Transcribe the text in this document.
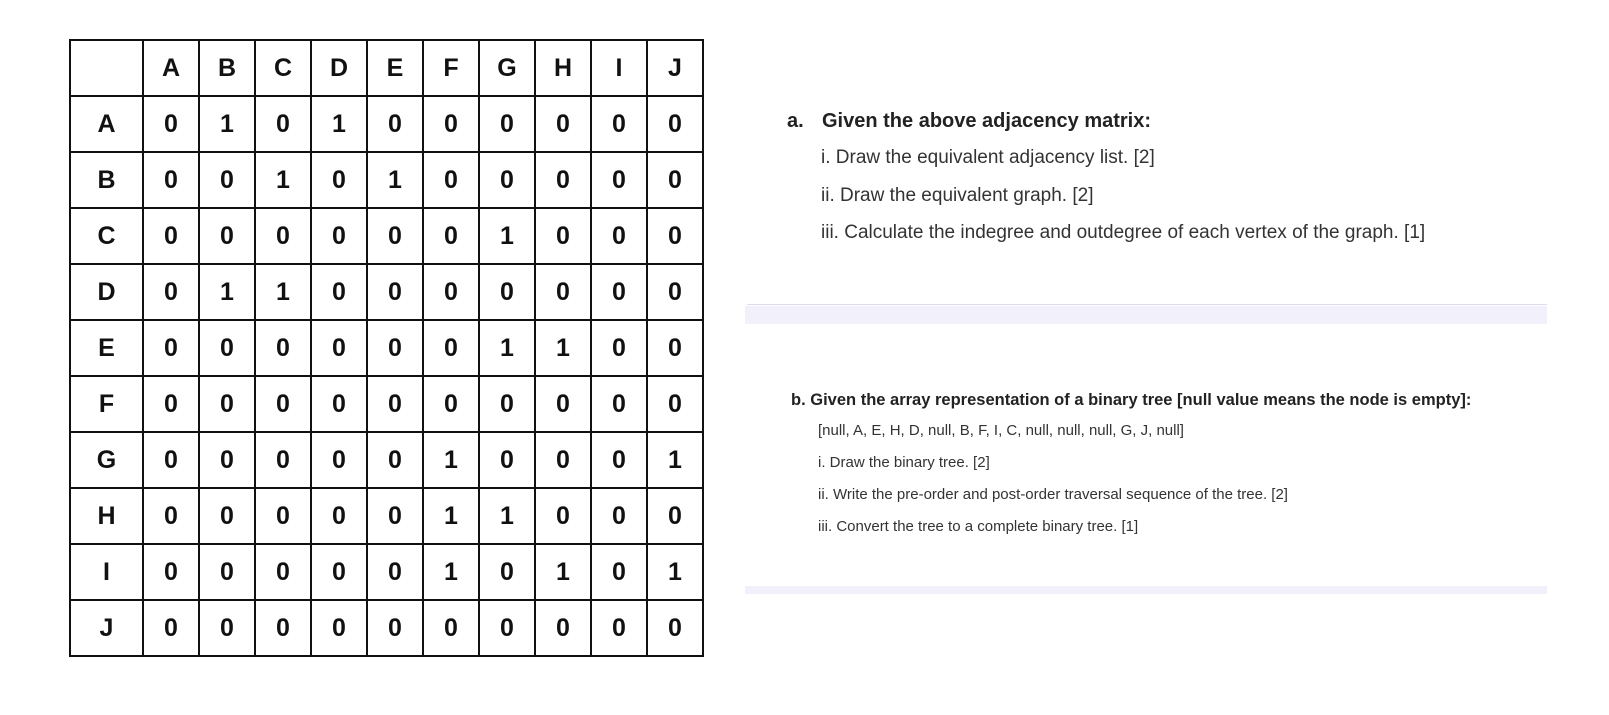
	A	B	C	D	E	F	G	H	I	J
A	0	1	0	1	0	0	0	0	0	0
B	0	0	1	0	1	0	0	0	0	0
C	0	0	0	0	0	0	1	0	0	0
D	0	1	1	0	0	0	0	0	0	0
E	0	0	0	0	0	0	1	1	0	0
F	0	0	0	0	0	0	0	0	0	0
G	0	0	0	0	0	1	0	0	0	1
H	0	0	0	0	0	1	1	0	0	0
I	0	0	0	0	0	1	0	1	0	1
J	0	0	0	0	0	0	0	0	0	0
a. Given the above adjacency matrix:
i. Draw the equivalent adjacency list. [2]
ii. Draw the equivalent graph. [2]
iii. Calculate the indegree and outdegree of each vertex of the graph. [1]
b. Given the array representation of a binary tree [null value means the node is empty]:
[null, A, E, H, D, null, B, F, I, C, null, null, null, G, J, null]
i. Draw the binary tree. [2]
ii. Write the pre-order and post-order traversal sequence of the tree. [2]
iii. Convert the tree to a complete binary tree. [1]
